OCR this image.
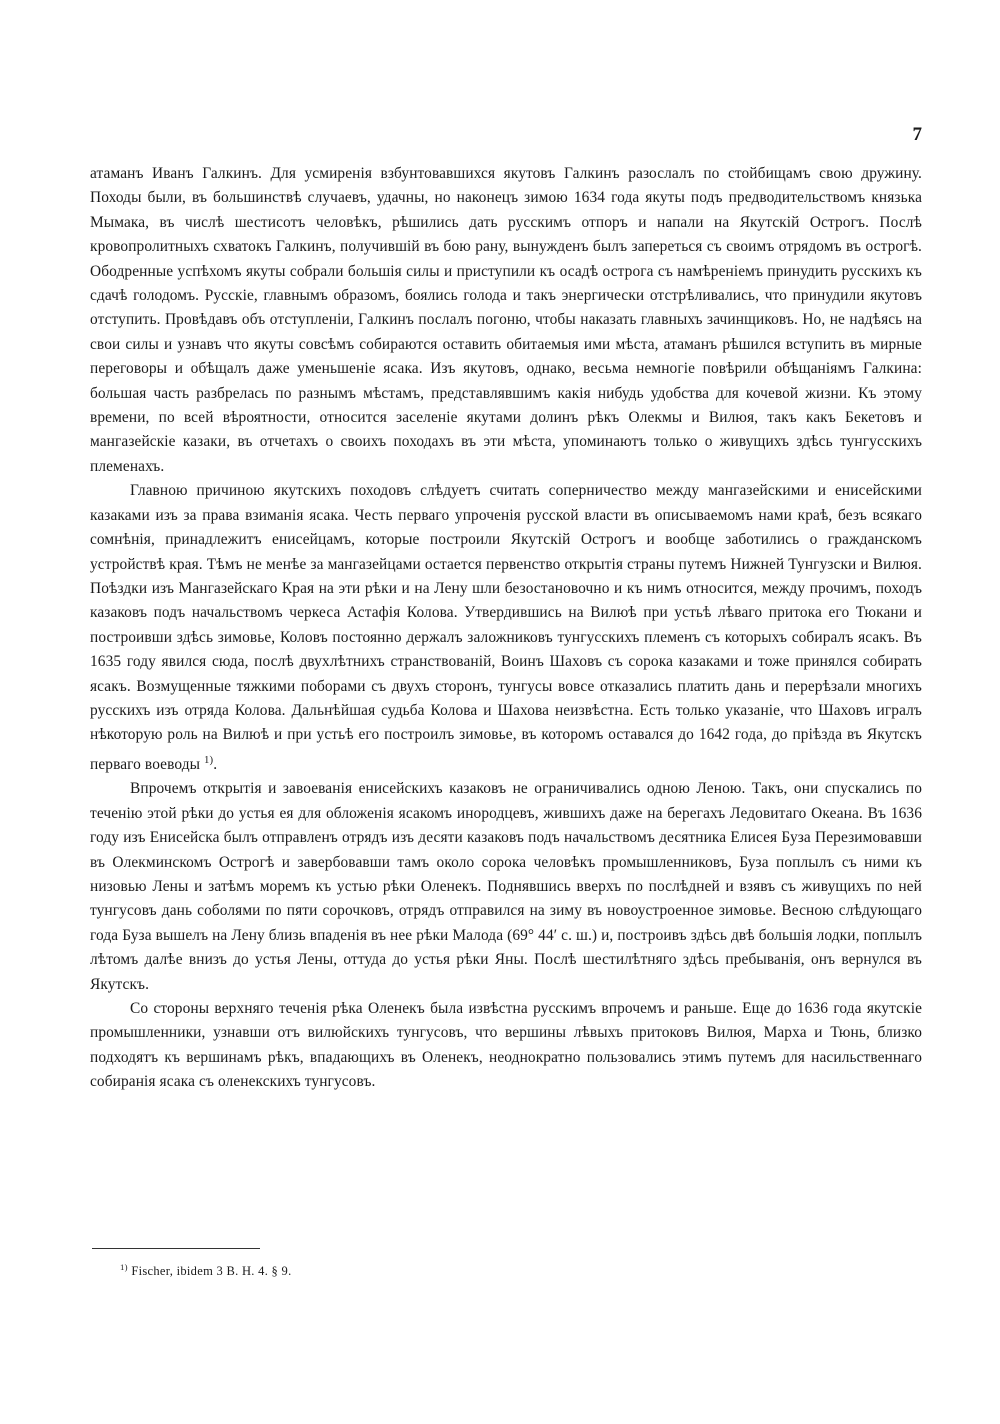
7

атаманъ Иванъ Галкинъ. Для усмиренія взбунтовавшихся якутовъ Галкинъ разослалъ по стойбищамъ свою дружину. Походы были, въ большинствѣ случаевъ, удачны, но наконецъ зимою 1634 года якуты подъ предводительствомъ князька Мымака, въ числѣ шестисотъ человѣкъ, рѣшились дать русскимъ отпоръ и напали на Якутскій Острогъ. Послѣ кровопролитныхъ схватокъ Галкинъ, получившій въ бою рану, вынужденъ былъ запереться съ своимъ отрядомъ въ острогѣ. Ободренные успѣхомъ якуты собрали большія силы и приступили къ осадѣ острога съ намѣреніемъ принудить русскихъ къ сдачѣ голодомъ. Русскіе, главнымъ образомъ, боялись голода и такъ энергически отстрѣливались, что принудили якутовъ отступить. Провѣдавъ объ отступленіи, Галкинъ послалъ погоню, чтобы наказать главныхъ зачинщиковъ. Но, не надѣясь на свои силы и узнавъ что якуты совсѣмъ собираются оставить обитаемыя ими мѣста, атаманъ рѣшился вступить въ мирные переговоры и обѣщалъ даже уменьшеніе ясака. Изъ якутовъ, однако, весьма немногіе повѣрили обѣщаніямъ Галкина: большая часть разбрелась по разнымъ мѣстамъ, представлявшимъ какія нибудь удобства для кочевой жизни. Къ этому времени, по всей вѣроятности, относится заселеніе якутами долинъ рѣкъ Олекмы и Вилюя, такъ какъ Бекетовъ и мангазейскіе казаки, въ отчетахъ о своихъ походахъ въ эти мѣста, упоминаютъ только о живущихъ здѣсь тунгусскихъ племенахъ.

Главною причиною якутскихъ походовъ слѣдуетъ считать соперничество между мангазейскими и енисейскими казаками изъ за права взиманія ясака. Честь перваго упроченія русской власти въ описываемомъ нами краѣ, безъ всякаго сомнѣнія, принадлежитъ енисейцамъ, которые построили Якутскій Острогъ и вообще заботились о гражданскомъ устройствѣ края. Тѣмъ не менѣе за мангазейцами остается первенство открытія страны путемъ Нижней Тунгузски и Вилюя. Поѣздки изъ Мангазейскаго Края на эти рѣки и на Лену шли безостановочно и къ нимъ относится, между прочимъ, походъ казаковъ подъ начальствомъ черкеса Астафія Колова. Утвердившись на Вилюѣ при устьѣ лѣваго притока его Тюкани и построивши здѣсь зимовье, Коловъ постоянно держалъ заложниковъ тунгусскихъ племенъ съ которыхъ собиралъ ясакъ. Въ 1635 году явился сюда, послѣ двухлѣтнихъ странствованій, Воинъ Шаховъ съ сорока казаками и тоже принялся собирать ясакъ. Возмущенные тяжкими поборами съ двухъ сторонъ, тунгусы вовсе отказались платить дань и перерѣзали многихъ русскихъ изъ отряда Колова. Дальнѣйшая судьба Колова и Шахова неизвѣстна. Есть только указаніе, что Шаховъ игралъ нѣкоторую роль на Вилюѣ и при устьѣ его построилъ зимовье, въ которомъ оставался до 1642 года, до пріѣзда въ Якутскъ перваго воеводы $^{1)}$.

Впрочемъ открытія и завоеванія енисейскихъ казаковъ не ограничивались одною Леною. Такъ, они спускались по теченію этой рѣки до устья ея для обложенія ясакомъ инородцевъ, жившихъ даже на берегахъ Ледовитаго Океана. Въ 1636 году изъ Енисейска былъ отправленъ отрядъ изъ десяти казаковъ подъ начальствомъ десятника Елисея Буза Перезимовавши въ Олекминскомъ Острогѣ и завербовавши тамъ около сорока человѣкъ промышленниковъ, Буза поплылъ съ ними къ низовью Лены и затѣмъ моремъ къ устью рѣки Оленекъ. Поднявшись вверхъ по послѣдней и взявъ съ живущихъ по ней тунгусовъ дань соболями по пяти сорочковъ, отрядъ отправился на зиму въ новоустроенное зимовье. Весною слѣдующаго года Буза вышелъ на Лену близь впаденія въ нее рѣки Малода (69° 44′ с. ш.) и, построивъ здѣсь двѣ большія лодки, поплылъ лѣтомъ далѣе внизъ до устья Лены, оттуда до устья рѣки Яны. Послѣ шестилѣтняго здѣсь пребыванія, онъ вернулся въ Якутскъ.

Со стороны верхняго теченія рѣка Оленекъ была извѣстна русскимъ впрочемъ и раньше. Еще до 1636 года якутскіе промышленники, узнавши отъ вилюйскихъ тунгусовъ, что вершины лѣвыхъ притоковъ Вилюя, Марха и Тюнь, близко подходятъ къ вершинамъ рѣкъ, впадающихъ въ Оленекъ, неоднократно пользовались этимъ путемъ для насильственнаго собиранія ясака съ оленекскихъ тунгусовъ.

$^{1)}$ Fischer, ibidem 3 B. H. 4. § 9.
